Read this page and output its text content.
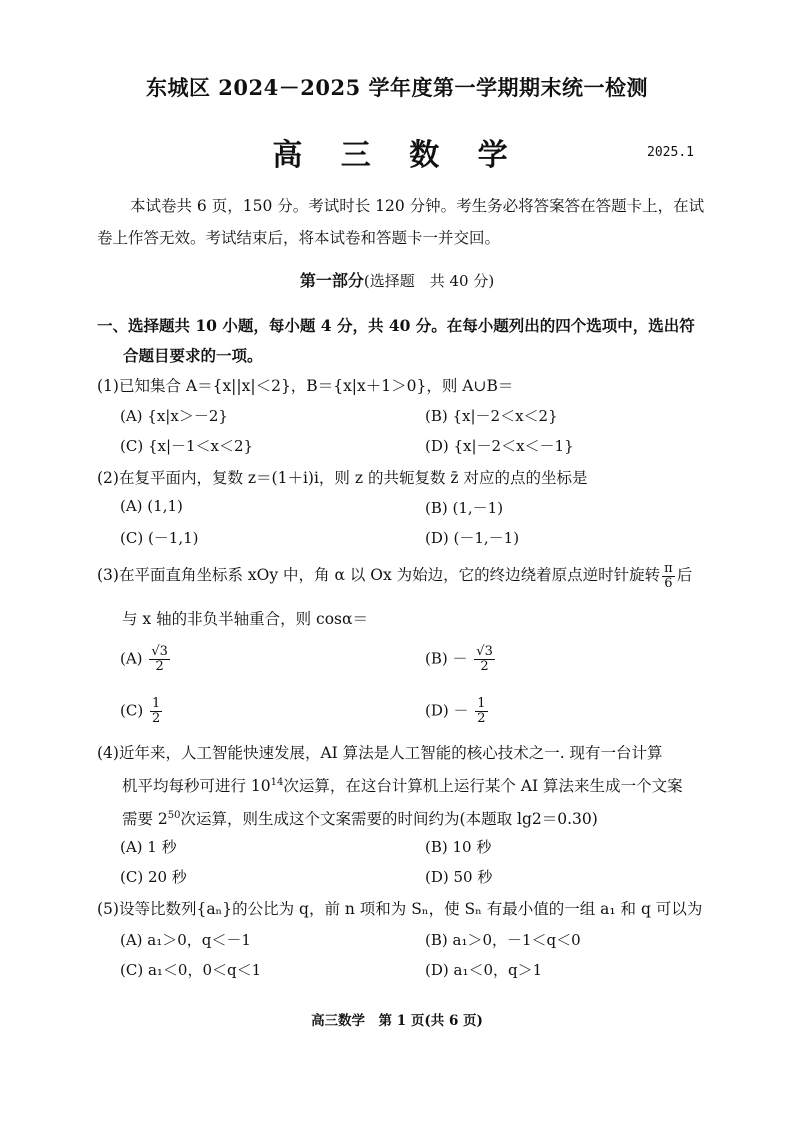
东城区 2024－2025 学年度第一学期期末统一检测
高 三 数 学	2025.1
本试卷共 6 页，150 分。考试时长 120 分钟。考生务必将答案答在答题卡上，在试卷上作答无效。考试结束后，将本试卷和答题卡一并交回。
第一部分(选择题　共 40 分)
一、选择题共 10 小题，每小题 4 分，共 40 分。在每小题列出的四个选项中，选出符合题目要求的一项。
(1)已知集合 A＝{x||x|＜2}，B＝{x|x＋1＞0}，则 A∪B＝
(A) {x|x＞－2}	(B) {x|－2＜x＜2}
(C) {x|－1＜x＜2}	(D) {x|－2＜x＜－1}
(2)在复平面内，复数 z＝(1＋i)i，则 z 的共轭复数 z̄ 对应的点的坐标是
(A) (1,1)	(B) (1,－1)
(C) (－1,1)	(D) (－1,－1)
(3)在平面直角坐标系 xOy 中，角 α 以 Ox 为始边，它的终边绕着原点逆时针旋转 $\frac{\pi}{6}$ 后
与 x 轴的非负半轴重合，则 cosα＝
$(A) \frac{√3}{2}$	$(B) - \frac{√3}{2}$
$(C) \frac{1}{2}$	$(D) - \frac{1}{2}$
(4)近年来，人工智能快速发展，AI 算法是人工智能的核心技术之一. 现有一台计算
机平均每秒可进行 $10^{14}$次运算，在这台计算机上运行某个 AI 算法来生成一个文案
需要 $2^{50}$次运算，则生成这个文案需要的时间约为(本题取 lg2＝0.30)
(A) 1 秒	(B) 10 秒
(C) 20 秒	(D) 50 秒
(5)设等比数列{aₙ}的公比为 q，前 n 项和为 Sₙ，使 Sₙ 有最小值的一组 a₁ 和 q 可以为
(A) a₁＞0，q＜－1	(B) a₁＞0，－1＜q＜0
(C) a₁＜0，0＜q＜1	(D) a₁＜0，q＞1
高三数学　第 1 页(共 6 页)
